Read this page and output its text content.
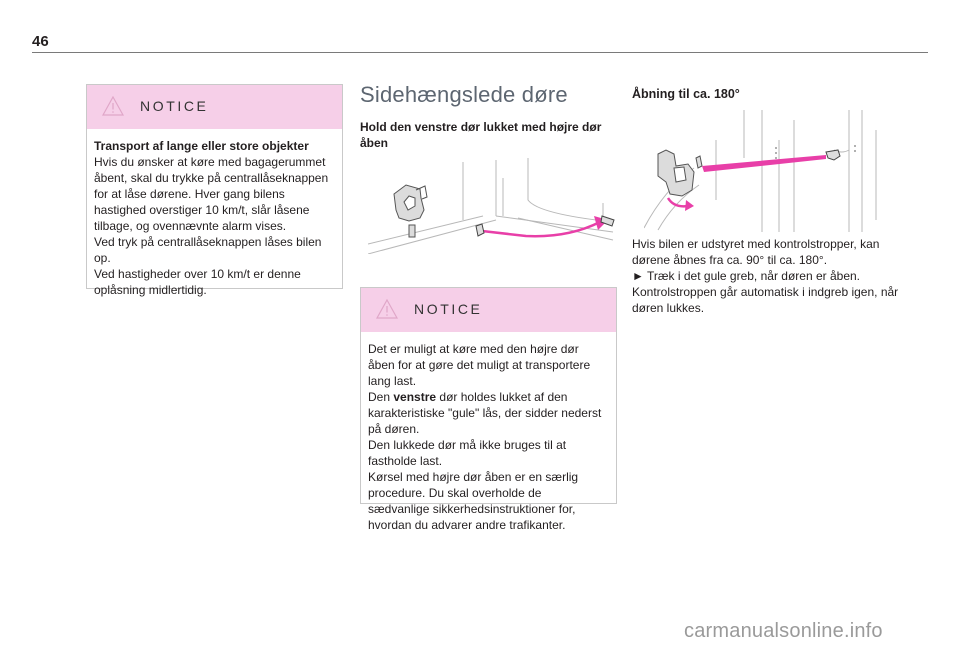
46
NOTICE

Transport af lange eller store objekter

Hvis du ønsker at køre med bagagerummet åbent, skal du trykke på centrallåseknappen for at låse dørene. Hver gang bilens hastighed overstiger 10 km/t, slår låsene tilbage, og ovennævnte alarm vises.
Ved tryk på centrallåseknappen låses bilen op.
Ved hastigheder over 10 km/t er denne oplåsning midlertidig.

Sidehængslede døre
Hold den venstre dør lukket med højre dør åben
NOTICE

Det er muligt at køre med den højre dør åben for at gøre det muligt at transportere lang last.
Den venstre dør holdes lukket af den karakteristiske "gule" lås, der sidder nederst på døren.
Den lukkede dør må ikke bruges til at fastholde last.
Kørsel med højre dør åben er en særlig procedure. Du skal overholde de sædvanlige sikkerhedsinstruktioner for, hvordan du advarer andre trafikanter.

Åbning til ca. 180°

Hvis bilen er udstyret med kontrolstropper, kan dørene åbnes fra ca. 90° til ca. 180°.

► Træk i det gule greb, når døren er åben.

Kontrolstroppen går automatisk i indgreb igen, når døren lukkes.

carmanualsonline.info
